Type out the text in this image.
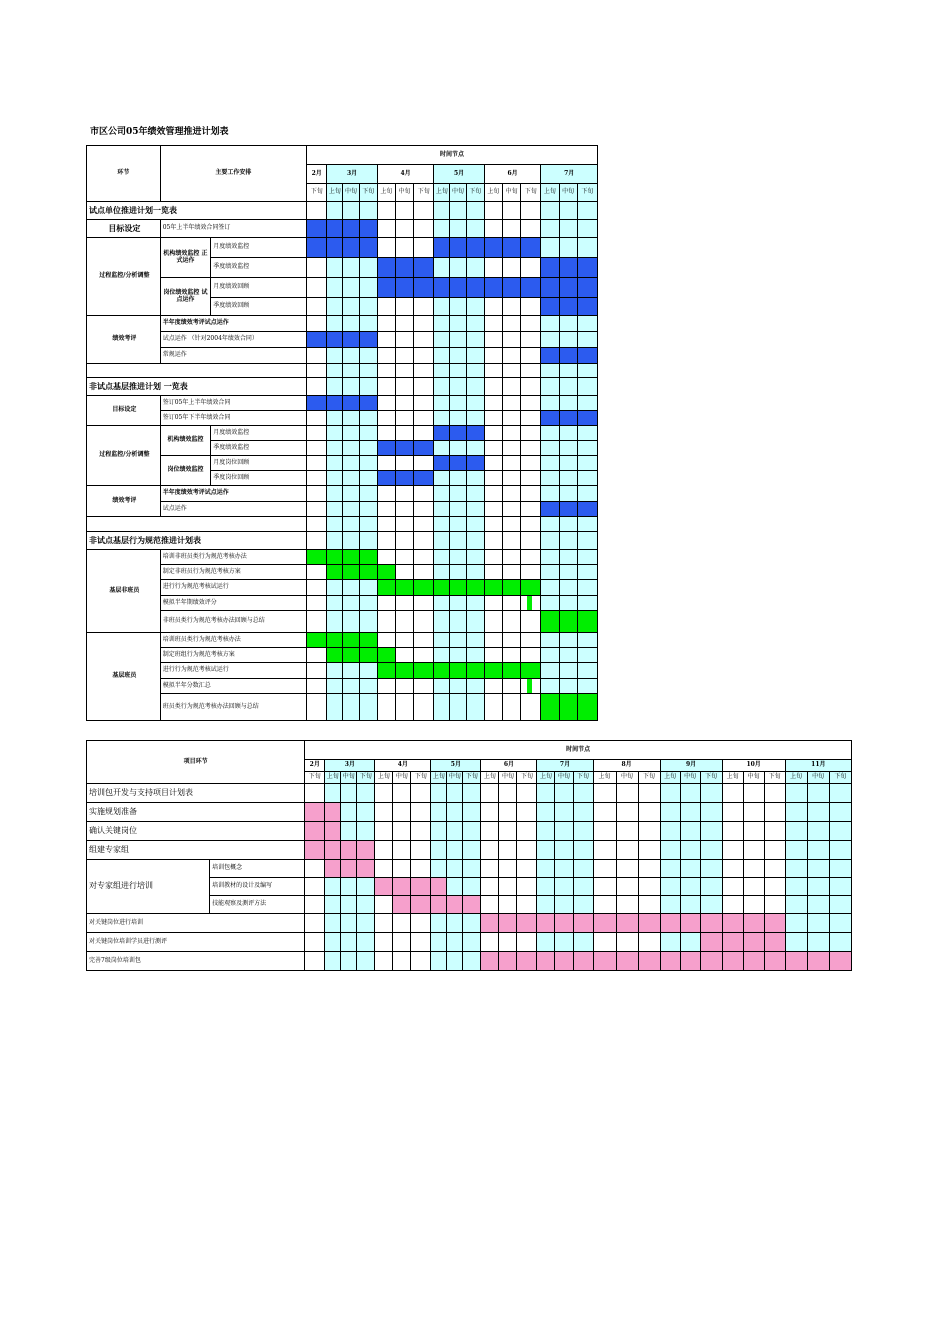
市区公司05年绩效管理推进计划表
环节	主要工作安排		时间节点															
			2月	3月			4月			5月			6月			7月		
			下旬	上旬	中旬	下旬	上旬	中旬	下旬	上旬	中旬	下旬	上旬	中旬	下旬	上旬	中旬	下旬
试点单位推进计划一览表																		
目标设定	05年上半年绩效合同签订																	
过程监控/分析调整	机构绩效监控 正式运作	月度绩效监控																
		季度绩效监控																
	岗位绩效监控 试点运作	月度绩效回顾																
		季度绩效回顾																
绩效考评	半年度绩效考评试点运作																	
	试点运作 （针对2004年绩效合同）																	
	常规运作																	

非试点基层推进计划 一览表																		
目标设定	签订05年上半年绩效合同																	
	签订05年下半年绩效合同																	
过程监控/分析调整	机构绩效监控	月度绩效监控																
		季度绩效监控																
	岗位绩效监控	月度岗位回顾																
		季度岗位回顾																
绩效考评	半年度绩效考评试点运作																	
	试点运作																	

非试点基层行为规范推进计划表																		
基层非班员	培训非班员类行为规范考核办法																	
	制定非班员行为规范考核方案																	
	进行行为规范考核试运行																	
	模拟半年期绩效评分																	
	非班员类行为规范考核办法回顾与总结																	
基层班员	培训班员类行为规范考核办法																	
	制定班组行为规范考核方案																	
	进行行为规范考核试运行																	
	模拟半年分数汇总																	
	班员类行为规范考核办法回顾与总结																	
项目环节		时间节点																											
		2月	3月			4月			5月			6月			7月			8月			9月			10月			11月		
		下旬	上旬	中旬	下旬	上旬	中旬	下旬	上旬	中旬	下旬	上旬	中旬	下旬	上旬	中旬	下旬	上旬	中旬	下旬	上旬	中旬	下旬	上旬	中旬	下旬	上旬	中旬	下旬
培训包开发与支持项目计划表																													
实施规划准备																													
确认关键岗位																													
组建专家组																													
对专家组进行培训	培训包概念																												
	培训教材的设计及编写																												
	技能观察及测评方法																												
对关键岗位进行培训																													
对关键岗位培训学员进行测评																													
完善7级岗位培训包																													
